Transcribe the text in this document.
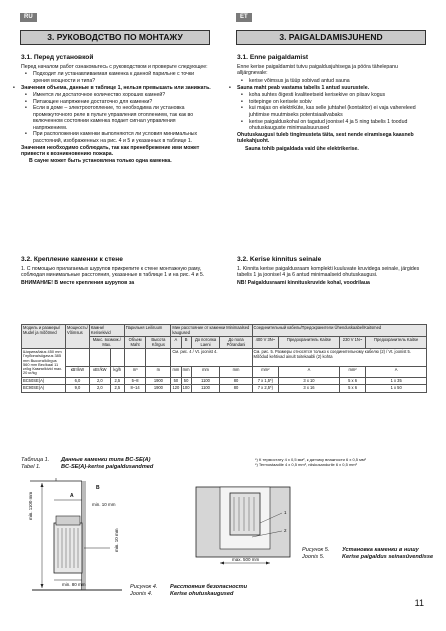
RU	ET
3. РУКОВОДСТВО ПО МОНТАЖУ	3. PAIGALDAMISJUHEND
3.1. Перед установкой

Перед началом работ ознакомьтесь с руководством и проверьте следующее:

• Подходит ли устанавливаемая каменка к данной парильне с точки зрения мощности и типа?
• Значения объема, данные в таблице 1, нельзя превышать или занижать.
• Имеется ли достаточное количество хороших камней?
• Питающее напряжение достаточно для каменки?
• Если в доме – электроотопление, то необходима ли установка промежуточного реле в пульте управления отоплением, так как во включенном состоянии каменка подает сигнал управления напряжением.
• При расположении каменки выполняются ли условия минимальных расстояний, изображенных на рис. 4 и 5 и указанных в таблице 1.

Значения необходимо соблюдать, так как пренебрежение ими может привести к возникновению пожара.

В сауне может быть установлена только одна каменка.

3.2. Крепление каменки к стене

1. С помощью прилагаемых шурупов прикрепите к стене монтажную раму, соблюдая минимальные расстояния, указанные в таблице 1 и на рис. 4 и 5.

ВНИМАНИЕ! В месте крепления шурупов за

3.1. Enne paigaldamist

Enne kerise paigaldamist tutvu paigaldusjuhisega ja pööra tähelepanu alljärgnevale:

• kerise võimsus ja tüüp sobivad antud sauna
• Sauna maht peab vastama tabelis 1 antud suurustele.
• koha suhtes õigesti kvaliteetseid kerisekive on piisav kogus
• toitepinge on kerisele sobiv
• kui majas on elektriküte, kas selle juhtahel (kontaktor) ei vaja vahereleed juhtimise muutmiseks potentsiaalivabaks
• kerise paigalduskohal on tagatud joonisel 4 ja 5 ning tabelis 1 toodud ohutuskauguste minimaalsuurused

Ohutuskaugusi tuleb tingimusteta täita, sest nende eiramisega kaasneb tulekahjuoht.

Sauna tohib paigaldada vaid ühe elektrikerise.

3.2. Kerise kinnitus seinale

1. Kinnita kerise paigaldusraam komplekti kuuluvate kruvidega seinale, järgides tabelis 1 ja joonisel 4 ja 6 antud minimaalseid ohutuskaugusi.

NB! Paigaldusraami kinnituskruvide kohal, voodrilaua

Модель и размеры/ Mudel ja mõõtmed	Мощность/ Võimsus	Камни/ Kerisekivid		Парильня Leiliruum		Мин расстояние от каменки Minimaalsed kaugused				Соединительный кабель/Предохранители Ühenduskaabel/Kaitsmed			
		Макс. возмож./ Max.		Объем Maht	Высота Kõrgus	A	B	До потолка Laeni	До пола Põrandani	400 V 3N~	Предохранитель Kaitse	230 V 1N~	Предохранитель Kaitse
Ширина/laius 450 mm Глубина/sügavus 385 mm Высота/kõrgus 560 mm Вес/kaal 11 кг/kg Камни/kivid max. 20 кг/kg						См. рис. 4 / Vt. joonist 4.				См. рис. 5. Размеры относятся только к соединительному кабелю (2) / Vt. joonist 5. Mõõdud kehtivad ainult toitekaabli (2) kohta			
	кВт/kW	кВт/kW	kg/h	m³	m	mm	mm	mm	mm	mm²	A	mm²	A
BC60SE(A)	6,0	2,0	2,5	5–8	1900	50	50	1100	80	7 x 1,5*)	3 x 10	5 x 6	1 x 35
BC90SE(A)	9,0	2,0	2,5	8–14	1900	120	100	1100	80	7 x 2,5*)	3 x 16	5 x 6	1 x 50
Таблица 1. Данные каменки типа BC-SE(A)
Tabel 1.	BC-SE(A)-kerise paigaldusandmed
*) К термостату 4 х 0,5 мм², к датчику влажности 6 х 0,5 мм²
*) Termostaadile 4 x 0,5 mm², niiskusandurile 6 x 0,5 mm²
min. 1100 mm
B
A
min. 10 mm
min. 80 mm
min. 10 mm
max. 500 mm
1
2
Рисунок 5. Установка каменки в нишу
Joonis 5.	Kerise paigaldus seinasüvendisse
Рисунок 4. Расстояния безопасности
Joonis 4.	Kerise ohutuskaugused
11
